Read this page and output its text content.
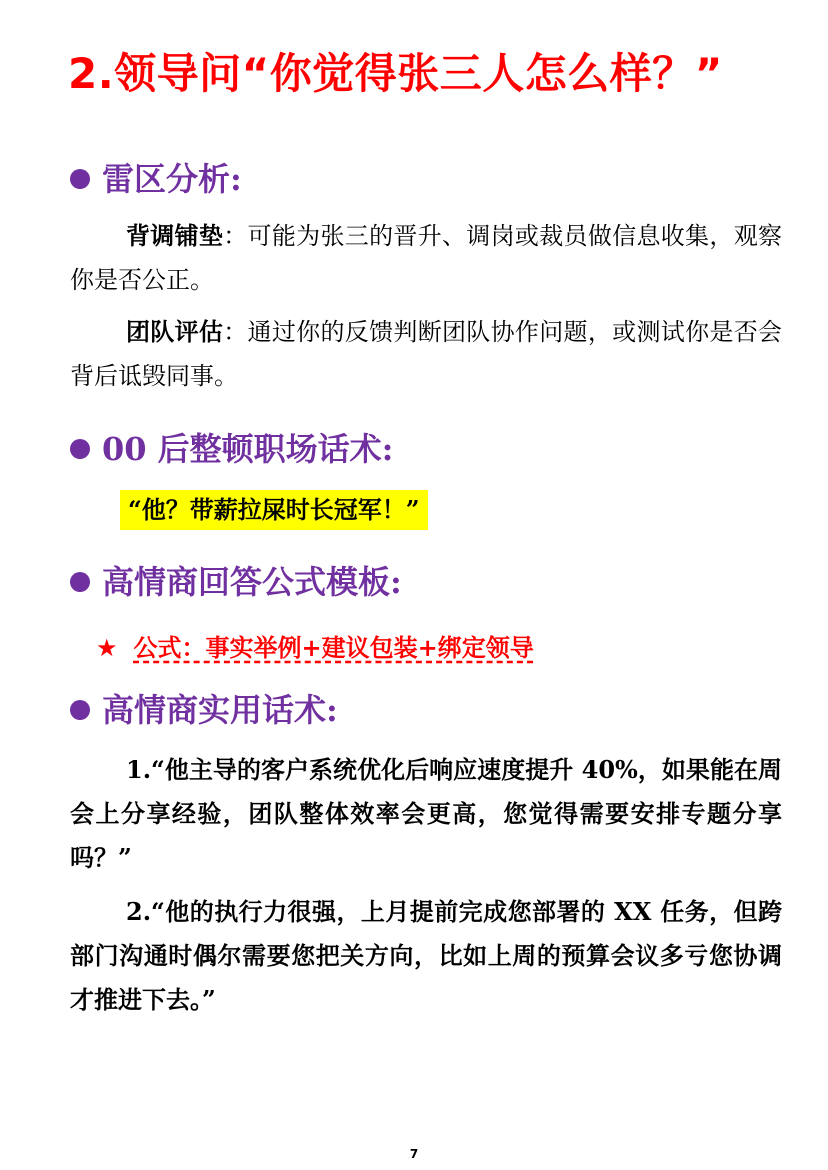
2.领导问“你觉得张三人怎么样？”
雷区分析:
背调铺垫：可能为张三的晋升、调岗或裁员做信息收集，观察你是否公正。
团队评估：通过你的反馈判断团队协作问题，或测试你是否会背后诋毁同事。
00 后整顿职场话术:
“他？带薪拉屎时长冠军！”
高情商回答公式模板:
★ 公式：事实举例+建议包装+绑定领导
高情商实用话术:
1.“他主导的客户系统优化后响应速度提升 40%，如果能在周会上分享经验，团队整体效率会更高，您觉得需要安排专题分享吗？”
2.“他的执行力很强，上月提前完成您部署的 XX 任务，但跨部门沟通时偶尔需要您把关方向，比如上周的预算会议多亏您协调才推进下去。”
7
